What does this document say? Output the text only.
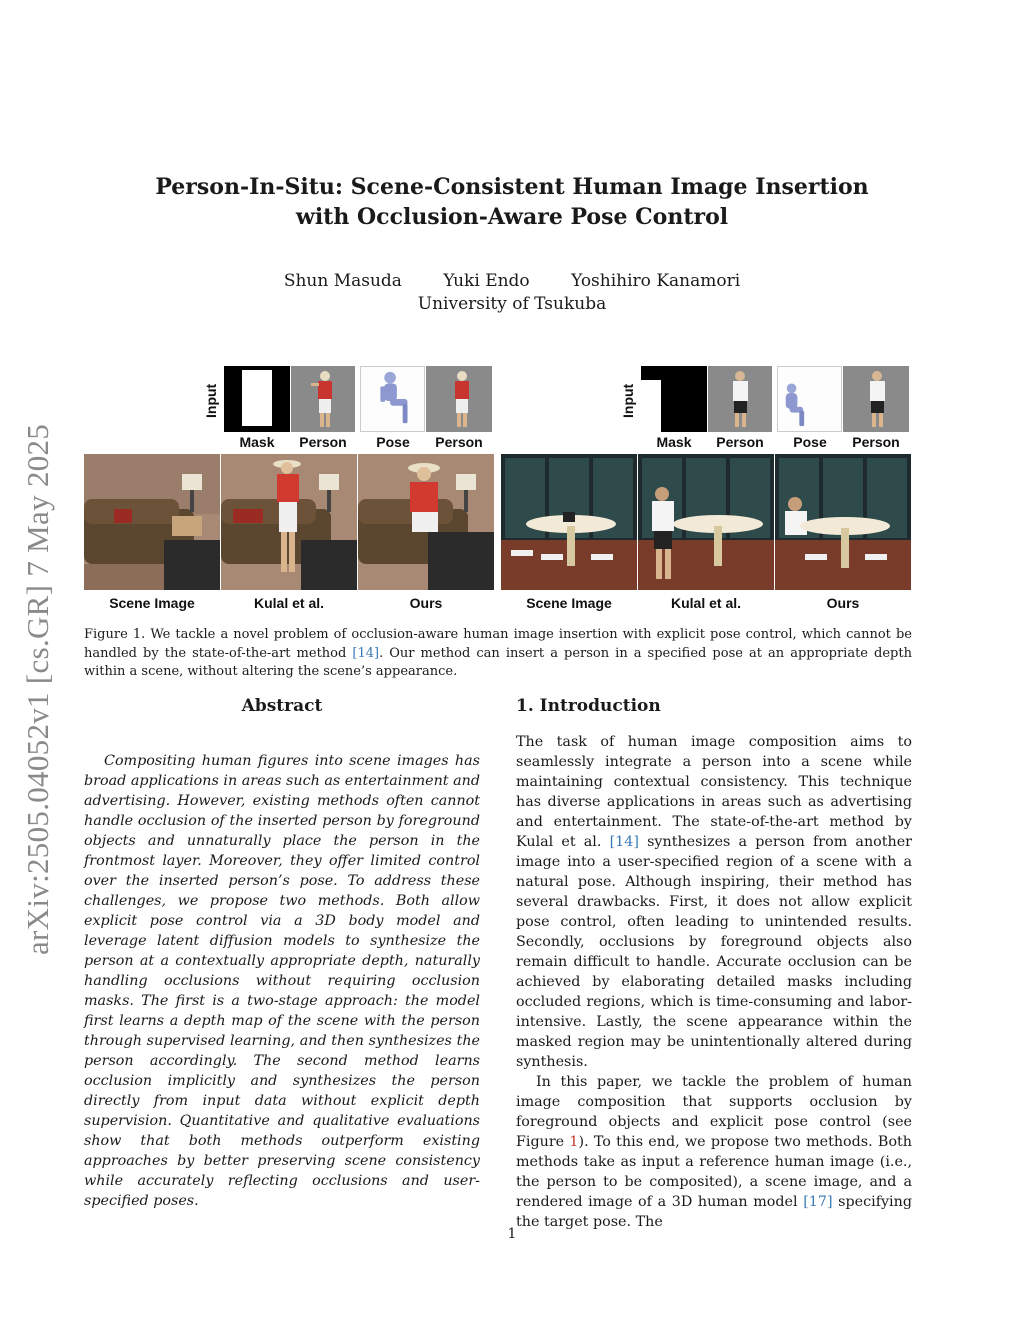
arXiv:2505.04052v1 [cs.GR] 7 May 2025
Person-In-Situ: Scene-Consistent Human Image Insertion
with Occlusion-Aware Pose Control
Shun Masuda Yuki Endo Yoshihiro Kanamori
University of Tsukuba
Input
Mask	Person	Pose	Person
Scene Image	Kulal et al.	Ours
Input
Mask	Person	Pose	Person
Scene Image	Kulal et al.	Ours
Figure 1. We tackle a novel problem of occlusion-aware human image insertion with explicit pose control, which cannot be handled by the state-of-the-art method [14]. Our method can insert a person in a specified pose at an appropriate depth within a scene, without altering the scene’s appearance.
Abstract
Compositing human figures into scene images has broad applications in areas such as entertainment and advertising. However, existing methods often cannot handle occlusion of the inserted person by foreground objects and unnaturally place the person in the frontmost layer. Moreover, they offer limited control over the inserted person’s pose. To address these challenges, we propose two methods. Both allow explicit pose control via a 3D body model and leverage latent diffusion models to synthesize the person at a contextually appropriate depth, naturally handling occlusions without requiring occlusion masks. The first is a two-stage approach: the model first learns a depth map of the scene with the person through supervised learning, and then synthesizes the person accordingly. The second method learns occlusion implicitly and synthesizes the person directly from input data without explicit depth supervision. Quantitative and qualitative evaluations show that both methods outperform existing approaches by better preserving scene consistency while accurately reflecting occlusions and user-specified poses.
1. Introduction

The task of human image composition aims to seamlessly integrate a person into a scene while maintaining contextual consistency. This technique has diverse applications in areas such as advertising and entertainment. The state-of-the-art method by Kulal et al. [14] synthesizes a person from another image into a user-specified region of a scene with a natural pose. Although inspiring, their method has several drawbacks. First, it does not allow explicit pose control, often leading to unintended results. Secondly, occlusions by foreground objects also remain difficult to handle. Accurate occlusion can be achieved by elaborating detailed masks including occluded regions, which is time-consuming and labor-intensive. Lastly, the scene appearance within the masked region may be unintentionally altered during synthesis.

In this paper, we tackle the problem of human image composition that supports occlusion by foreground objects and explicit pose control (see Figure 1). To this end, we propose two methods. Both methods take as input a reference human image (i.e., the person to be composited), a scene image, and a rendered image of a 3D human model [17] specifying the target pose. The

1
